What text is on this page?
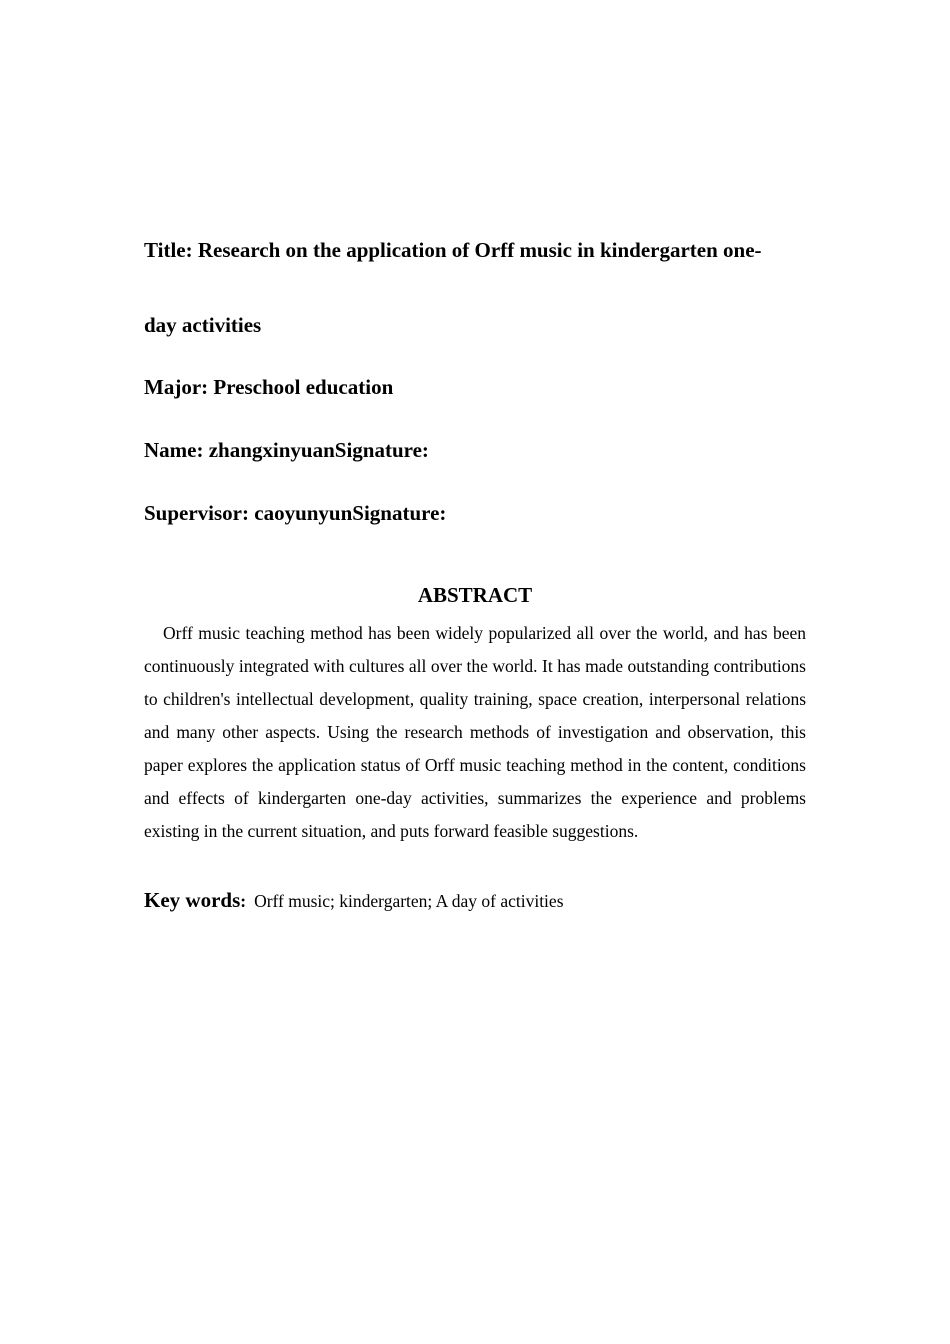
Title: Research on the application of Orff music in kindergarten one-
day activities
Major: Preschool education
Name: zhangxinyuanSignature:
Supervisor: caoyunyunSignature:
ABSTRACT

Orff music teaching method has been widely popularized all over the world, and has been continuously integrated with cultures all over the world. It has made outstanding contributions to children's intellectual development, quality training, space creation, interpersonal relations and many other aspects. Using the research methods of investigation and observation, this paper explores the application status of Orff music teaching method in the content, conditions and effects of kindergarten one-day activities, summarizes the experience and problems existing in the current situation, and puts forward feasible suggestions.

Key words: Orff music; kindergarten; A day of activities
